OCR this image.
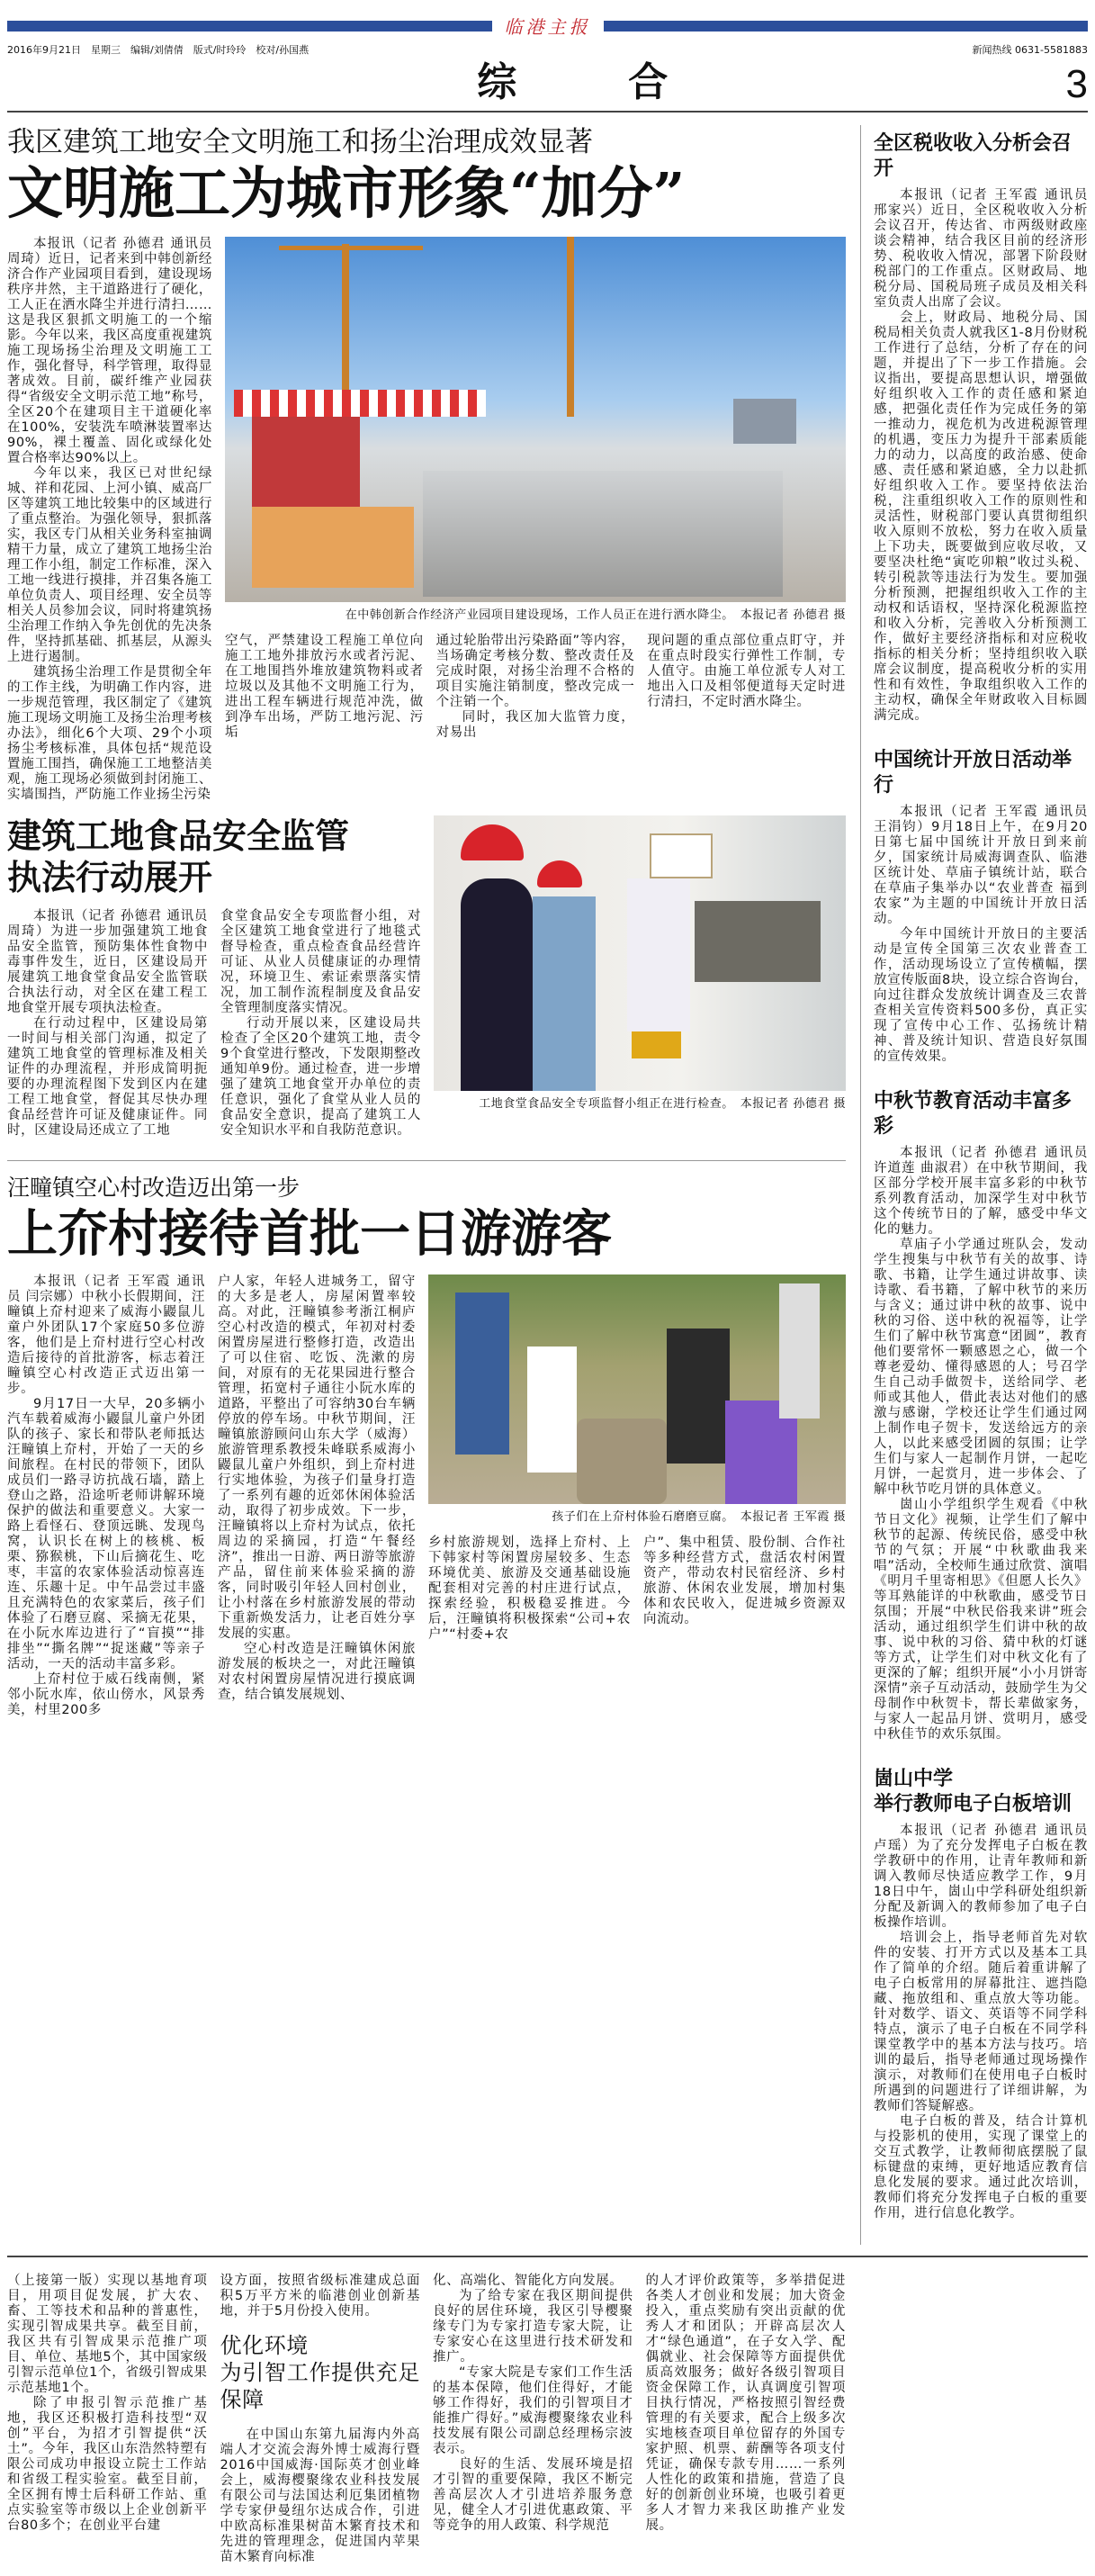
临港主报
2016年9月21日　星期三　编辑/刘倩倩　版式/时玲玲　校对/孙国燕	新闻热线 0631-5581883
综　合	3
我区建筑工地安全文明施工和扬尘治理成效显著
文明施工为城市形象“加分”

本报讯（记者 孙德君 通讯员 周琦）近日，记者来到中韩创新经济合作产业园项目看到，建设现场秩序井然，主干道路进行了硬化，工人正在洒水降尘并进行清扫……这是我区狠抓文明施工的一个缩影。今年以来，我区高度重视建筑施工现场扬尘治理及文明施工工作，强化督导，科学管理，取得显著成效。目前，碳纤维产业园获得“省级安全文明示范工地”称号，全区20个在建项目主干道硬化率在100%，安装洗车喷淋装置率达90%，裸土覆盖、固化或绿化处置合格率达90%以上。

今年以来，我区已对世纪绿城、祥和花园、上河小镇、威高厂区等建筑工地比较集中的区域进行了重点整治。为强化领导，狠抓落实，我区专门从相关业务科室抽调精干力量，成立了建筑工地扬尘治理工作小组，制定工作标准，深入工地一线进行摸排，并召集各施工单位负责人、项目经理、安全员等相关人员参加会议，同时将建筑扬尘治理工作纳入争先创优的先决条件，坚持抓基础、抓基层，从源头上进行遏制。

建筑扬尘治理工作是贯彻全年的工作主线，为明确工作内容，进一步规范管理，我区制定了《建筑施工现场文明施工及扬尘治理考核办法》，细化6个大项、29个小项扬尘考核标准，具体包括“规范设置施工围挡，确保施工工地整洁美观，施工现场必须做到封闭施工、实墙围挡，严防施工作业扬尘污染

在中韩创新合作经济产业园项目建设现场，工作人员正在进行洒水降尘。　本报记者 孙德君 摄

空气，严禁建设工程施工单位向施工工地外排放污水或者污泥、在工地围挡外堆放建筑物料或者垃圾以及其他不文明施工行为，进出工程车辆进行规范冲洗，做到净车出场，严防工地污泥、污垢

通过轮胎带出污染路面”等内容，当场确定考核分数、整改责任及完成时限，对扬尘治理不合格的项目实施注销制度，整改完成一个注销一个。

同时，我区加大监管力度，对易出

现问题的重点部位重点盯守，并在重点时段实行弹性工作制，专人值守。由施工单位派专人对工地出入口及相邻便道每天定时进行清扫，不定时洒水降尘。

建筑工地食品安全监管
执法行动展开

本报讯（记者 孙德君 通讯员 周琦）为进一步加强建筑工地食品安全监管，预防集体性食物中毒事件发生，近日，区建设局开展建筑工地食堂食品安全监管联合执法行动，对全区在建工程工地食堂开展专项执法检查。

在行动过程中，区建设局第一时间与相关部门沟通，拟定了建筑工地食堂的管理标准及相关证件的办理流程，并形成简明扼要的办理流程图下发到区内在建工程工地食堂，督促其尽快办理食品经营许可证及健康证件。同时，区建设局还成立了工地

食堂食品安全专项监督小组，对全区建筑工地食堂进行了地毯式督导检查，重点检查食品经营许可证、从业人员健康证的办理情况，环境卫生、索证索票落实情况，加工制作流程制度及食品安全管理制度落实情况。

行动开展以来，区建设局共检查了全区20个建筑工地，责令9个食堂进行整改，下发限期整改通知单9份。通过检查，进一步增强了建筑工地食堂开办单位的责任意识，强化了食堂从业人员的食品安全意识，提高了建筑工人安全知识水平和自我防范意识。

工地食堂食品安全专项监督小组正在进行检查。　本报记者 孙德君 摄
汪疃镇空心村改造迈出第一步
上夼村接待首批一日游游客

本报讯（记者 王军霞 通讯员 闫宗娜）中秋小长假期间，汪疃镇上夼村迎来了威海小鼹鼠儿童户外团队17个家庭50多位游客，他们是上夼村进行空心村改造后接待的首批游客，标志着汪疃镇空心村改造正式迈出第一步。

9月17日一大早，20多辆小汽车载着威海小鼹鼠儿童户外团队的孩子、家长和带队老师抵达汪疃镇上夼村，开始了一天的乡间旅程。在村民的带领下，团队成员们一路寻访抗战石墙，踏上登山之路，沿途听老师讲解环境保护的做法和重要意义。大家一路上看怪石、登顶远眺、发现鸟窝，认识长在树上的核桃、板栗、猕猴桃，下山后摘花生、吃枣，丰富的农家体验活动惊喜连连、乐趣十足。中午品尝过丰盛且充满特色的农家菜后，孩子们体验了石磨豆腐、采摘无花果，在小阮水库边进行了“盲摸”“排排坐”“撕名牌”“捉迷藏”等亲子活动，一天的活动丰富多彩。

上夼村位于威石线南侧，紧邻小阮水库，依山傍水，风景秀美，村里200多

户人家，年轻人进城务工，留守的大多是老人，房屋闲置率较高。对此，汪疃镇参考浙江桐庐空心村改造的模式，年初对村委闲置房屋进行整修打造，改造出了可以住宿、吃饭、洗漱的房间，对原有的无花果园进行整合管理，拓宽村子通往小阮水库的道路，平整出了可容纳30台车辆停放的停车场。中秋节期间，汪疃镇旅游顾问山东大学（威海）旅游管理系教授朱峰联系威海小鼹鼠儿童户外组织，到上夼村进行实地体验，为孩子们量身打造了一系列有趣的近郊休闲体验活动，取得了初步成效。下一步，汪疃镇将以上夼村为试点，依托周边的采摘园，打造“午餐经济”，推出一日游、两日游等旅游产品，留住前来体验采摘的游客，同时吸引年轻人回村创业，让小村落在乡村旅游发展的带动下重新焕发活力，让老百姓分享发展的实惠。

空心村改造是汪疃镇休闲旅游发展的板块之一，对此汪疃镇对农村闲置房屋情况进行摸底调查，结合镇发展规划、

孩子们在上夼村体验石磨磨豆腐。　本报记者 王军霞 摄

乡村旅游规划，选择上夼村、上下韩家村等闲置房屋较多、生态环境优美、旅游及交通基础设施配套相对完善的村庄进行试点，探索经验，积极稳妥推进。今后，汪疃镇将积极探索“公司+农户”“村委+农

户”、集中租赁、股份制、合作社等多种经营方式，盘活农村闲置资产，带动农村民宿经济、乡村旅游、休闲农业发展，增加村集体和农民收入，促进城乡资源双向流动。

全区税收收入分析会召开

本报讯（记者 王军霞 通讯员 邢家兴）近日，全区税收收入分析会议召开，传达省、市两级财政座谈会精神，结合我区目前的经济形势、税收收入情况，部署下阶段财税部门的工作重点。区财政局、地税分局、国税局班子成员及相关科室负责人出席了会议。

会上，财政局、地税分局、国税局相关负责人就我区1-8月份财税工作进行了总结，分析了存在的问题，并提出了下一步工作措施。会议指出，要提高思想认识，增强做好组织收入工作的责任感和紧迫感，把强化责任作为完成任务的第一推动力，视危机为改进税源管理的机遇，变压力为提升干部素质能力的动力，以高度的政治感、使命感、责任感和紧迫感，全力以赴抓好组织收入工作。要坚持依法治税，注重组织收入工作的原则性和灵活性，财税部门要认真贯彻组织收入原则不放松，努力在收入质量上下功夫，既要做到应收尽收，又要坚决杜绝“寅吃卯粮”收过头税、转引税款等违法行为发生。要加强分析预测，把握组织收入工作的主动权和话语权，坚持深化税源监控和收入分析，完善收入分析预测工作，做好主要经济指标和对应税收指标的相关分析；坚持组织收入联席会议制度，提高税收分析的实用性和有效性，争取组织收入工作的主动权，确保全年财政收入目标圆满完成。

中国统计开放日活动举行

本报讯（记者 王军霞 通讯员 王涓钧）9月18日上午，在9月20日第七届中国统计开放日到来前夕，国家统计局威海调查队、临港区统计处、草庙子镇统计站，联合在草庙子集举办以“农业普查 福到农家”为主题的中国统计开放日活动。

今年中国统计开放日的主要活动是宣传全国第三次农业普查工作，活动现场设立了宣传横幅，摆放宣传版面8块，设立综合咨询台，向过往群众发放统计调查及三农普查相关宣传资料500多份，真正实现了宣传中心工作、弘扬统计精神、普及统计知识、营造良好氛围的宣传效果。

中秋节教育活动丰富多彩

本报讯（记者 孙德君 通讯员 许道莲 曲淑君）在中秋节期间，我区部分学校开展丰富多彩的中秋节系列教育活动，加深学生对中秋节这个传统节日的了解，感受中华文化的魅力。

草庙子小学通过班队会，发动学生搜集与中秋节有关的故事、诗歌、书籍，让学生通过讲故事、读诗歌、看书籍，了解中秋节的来历与含义；通过讲中秋的故事、说中秋的习俗、送中秋的祝福等，让学生们了解中秋节寓意“团圆”，教育他们要常怀一颗感恩之心，做一个尊老爱幼、懂得感恩的人；号召学生自己动手做贺卡，送给同学、老师或其他人，借此表达对他们的感激与感谢，学校还让学生们通过网上制作电子贺卡，发送给远方的亲人，以此来感受团圆的氛围；让学生们与家人一起制作月饼，一起吃月饼，一起赏月，进一步体会、了解中秋节吃月饼的具体意义。

崮山小学组织学生观看《中秋节日文化》视频，让学生们了解中秋节的起源、传统民俗，感受中秋节的气氛；开展“中秋歌曲我来唱”活动，全校师生通过欣赏、演唱《明月千里寄相思》《但愿人长久》等耳熟能详的中秋歌曲，感受节日氛围；开展“中秋民俗我来讲”班会活动，通过组织学生们讲中秋的故事、说中秋的习俗、猜中秋的灯谜等方式，让学生们对中秋文化有了更深的了解；组织开展“小小月饼寄深情”亲子互动活动，鼓励学生为父母制作中秋贺卡，帮长辈做家务，与家人一起品月饼、赏明月，感受中秋佳节的欢乐氛围。

崮山中学
举行教师电子白板培训

本报讯（记者 孙德君 通讯员 卢瑶）为了充分发挥电子白板在教学教研中的作用，让青年教师和新调入教师尽快适应教学工作，9月18日中午，崮山中学科研处组织新分配及新调入的教师参加了电子白板操作培训。

培训会上，指导老师首先对软件的安装、打开方式以及基本工具作了简单的介绍。随后着重讲解了电子白板常用的屏幕批注、遮挡隐藏、拖放组和、重点放大等功能。针对数学、语文、英语等不同学科特点，演示了电子白板在不同学科课堂教学中的基本方法与技巧。培训的最后，指导老师通过现场操作演示，对教师们在使用电子白板时所遇到的问题进行了详细讲解，为教师们答疑解惑。

电子白板的普及，结合计算机与投影机的使用，实现了课堂上的交互式教学，让教师彻底摆脱了鼠标键盘的束缚，更好地适应教育信息化发展的要求。通过此次培训，教师们将充分发挥电子白板的重要作用，进行信息化教学。

（上接第一版）实现以基地育项目，用项目促发展，扩大农、畜、工等技术和品种的普惠性，实现引智成果共享。截至目前，我区共有引智成果示范推广项目、单位、基地5个，其中国家级引智示范单位1个，省级引智成果示范基地1个。

除了申报引智示范推广基地，我区还积极打造科技型“双创”平台，为招才引智提供“沃土”。今年，我区山东浩然特塑有限公司成功申报设立院士工作站和省级工程实验室。截至目前，全区拥有博士后科研工作站、重点实验室等市级以上企业创新平台80多个；在创业平台建

设方面，按照省级标准建成总面积5万平方米的临港创业创新基地，并于5月份投入使用。

优化环境
为引智工作提供充足保障

在中国山东第九届海内外高端人才交流会海外博士威海行暨2016中国威海·国际英才创业峰会上，威海樱聚缘农业科技发展有限公司与法国达利厄集团植物学专家伊曼纽尔达成合作，引进中欧高标准果树苗木繁育技术和先进的管理理念，促进国内苹果苗木繁育向标准

化、高端化、智能化方向发展。

为了给专家在我区期间提供良好的居住环境，我区引导樱聚缘专门为专家打造专家大院，让专家安心在这里进行技术研发和推广。

“专家大院是专家们工作生活的基本保障，他们住得好，才能够工作得好，我们的引智项目才能推广得好。”威海樱聚缘农业科技发展有限公司副总经理杨宗波表示。

良好的生活、发展环境是招才引智的重要保障，我区不断完善高层次人才引进培养服务意见，健全人才引进优惠政策、平等竞争的用人政策、科学规范

的人才评价政策等，多举措促进各类人才创业和发展；加大资金投入，重点奖励有突出贡献的优秀人才和团队；开辟高层次人才“绿色通道”，在子女入学、配偶就业、社会保障等方面提供优质高效服务；做好各级引智项目资金保障工作，认真调度引智项目执行情况，严格按照引智经费管理的有关要求，配合上级多次实地核查项目单位留存的外国专家护照、机票、薪酬等各项支付凭证，确保专款专用……一系列人性化的政策和措施，营造了良好的创新创业环境，也吸引着更多人才智力来我区助推产业发展。
